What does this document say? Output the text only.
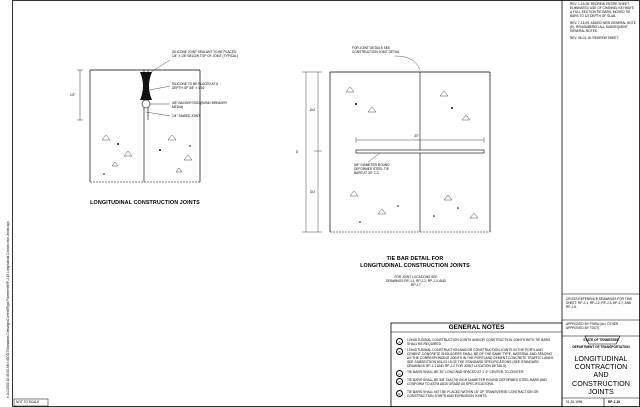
e-0-0-0000 10:45:00 AM I:\ODOT\Standards Drawings\Current\Rigid Pavement\RP-J-15 Longitudinal Construction Joints.dgn
REV. 1-15-08: REDREW ENTIRE SHEET. ELIMINATED USE OF CHANNEL KEYWAYS & FULL SECTION TIE BARS, MOVED TIE BARS TO 1/2 DEPTH OF SLAB.
REV. 7-15-09: ADDED NEW GENERAL NOTE (E), RENUMBERED ALL SUBSEQUENT GENERAL NOTES.
REV. 06-01-16: REDREW SHEET.
SILICONE JOINT SEALANT TO BE PLACED 1/4" ± 1/8" BELOW TOP OF JOINT (TYPICAL)
SILICONE TO BE PLACED AT A DEPTH OF 3/8" ± 1/16"
3/8" BACKER ROD (BOND BREAKER MEDIA)
1/4" SAWED JOINT
1/2"
LONGITUDINAL CONSTRUCTION JOINTS
FOR JOINT DETAILS SEE CONSTRUCTION JOINT DETAIL
D/2
D
D/2
30"
5/8" DIAMETER ROUND DEFORMED STEEL TIE BARS AT 30" C-C
TIE BAR DETAIL FOR
LONGITUDINAL CONSTRUCTION JOINTS
FOR JOINT LOCATIONS SEE DRAWINGS RP-J-1, RP-J-2, RP-J-3, AND RP-J-7
GENERAL NOTES
A	LONGITUDINAL CONSTRUCTION JOINTS AND/OR CONSTRUCTION JOINTS WITH TIE BARS SHALL BE REQUIRED.
B	LONGITUDINAL CONSTRUCTION AND/OR CONSTRUCTION JOINTS IN THE PORTLAND CEMENT CONCRETE SHOULDERS SHALL BE OF THE SAME TYPE, MATERIAL AND SPACING AS THE CORRESPONDING JOINTS IN THE PORTLAND CEMENT CONCRETE TRAFFIC LANES. SEE SUBSECTION 501.03.I.5 OF THE STANDARD SPECIFICATIONS (SEE STANDARD DRAWINGS RP-J-1 AND RP-J-2 FOR JOINT LOCATION DETAILS).
C	TIE BARS SHALL BE 30" LONG AND SPACED AT 1'-0" CENTER-TO-CENTER.
D	TIE BARS SHALL BE 5/8" DIA (75) INCH DIAMETER ROUND DEFORMED STEEL BARS AND CONFORM TO ASTM A615 GRADE 60 SPECIFICATIONS.
E	TIE BARS SHALL NOT BE PLACED WITHIN 15" OF TRANSVERSE CONTRACTION OR CONSTRUCTION JOINTS AND EXPANSION JOINTS.
CROSS-REFERENCE DRAWINGS FOR THIS SHEET: RP-J-1, RP-J-2, RP-J-3, RP-J-7, AND RP-J-8.
APPROVED BY FHWA (ALL OTHER APPROVED BY TDOT)
STATE OF TENNESSEE
DEPARTMENT OF TRANSPORTATION
LONGITUDINAL
CONTRACTION
AND
CONSTRUCTION
JOINTS
01-30-1995	RP-J-15
NOT TO SCALE
